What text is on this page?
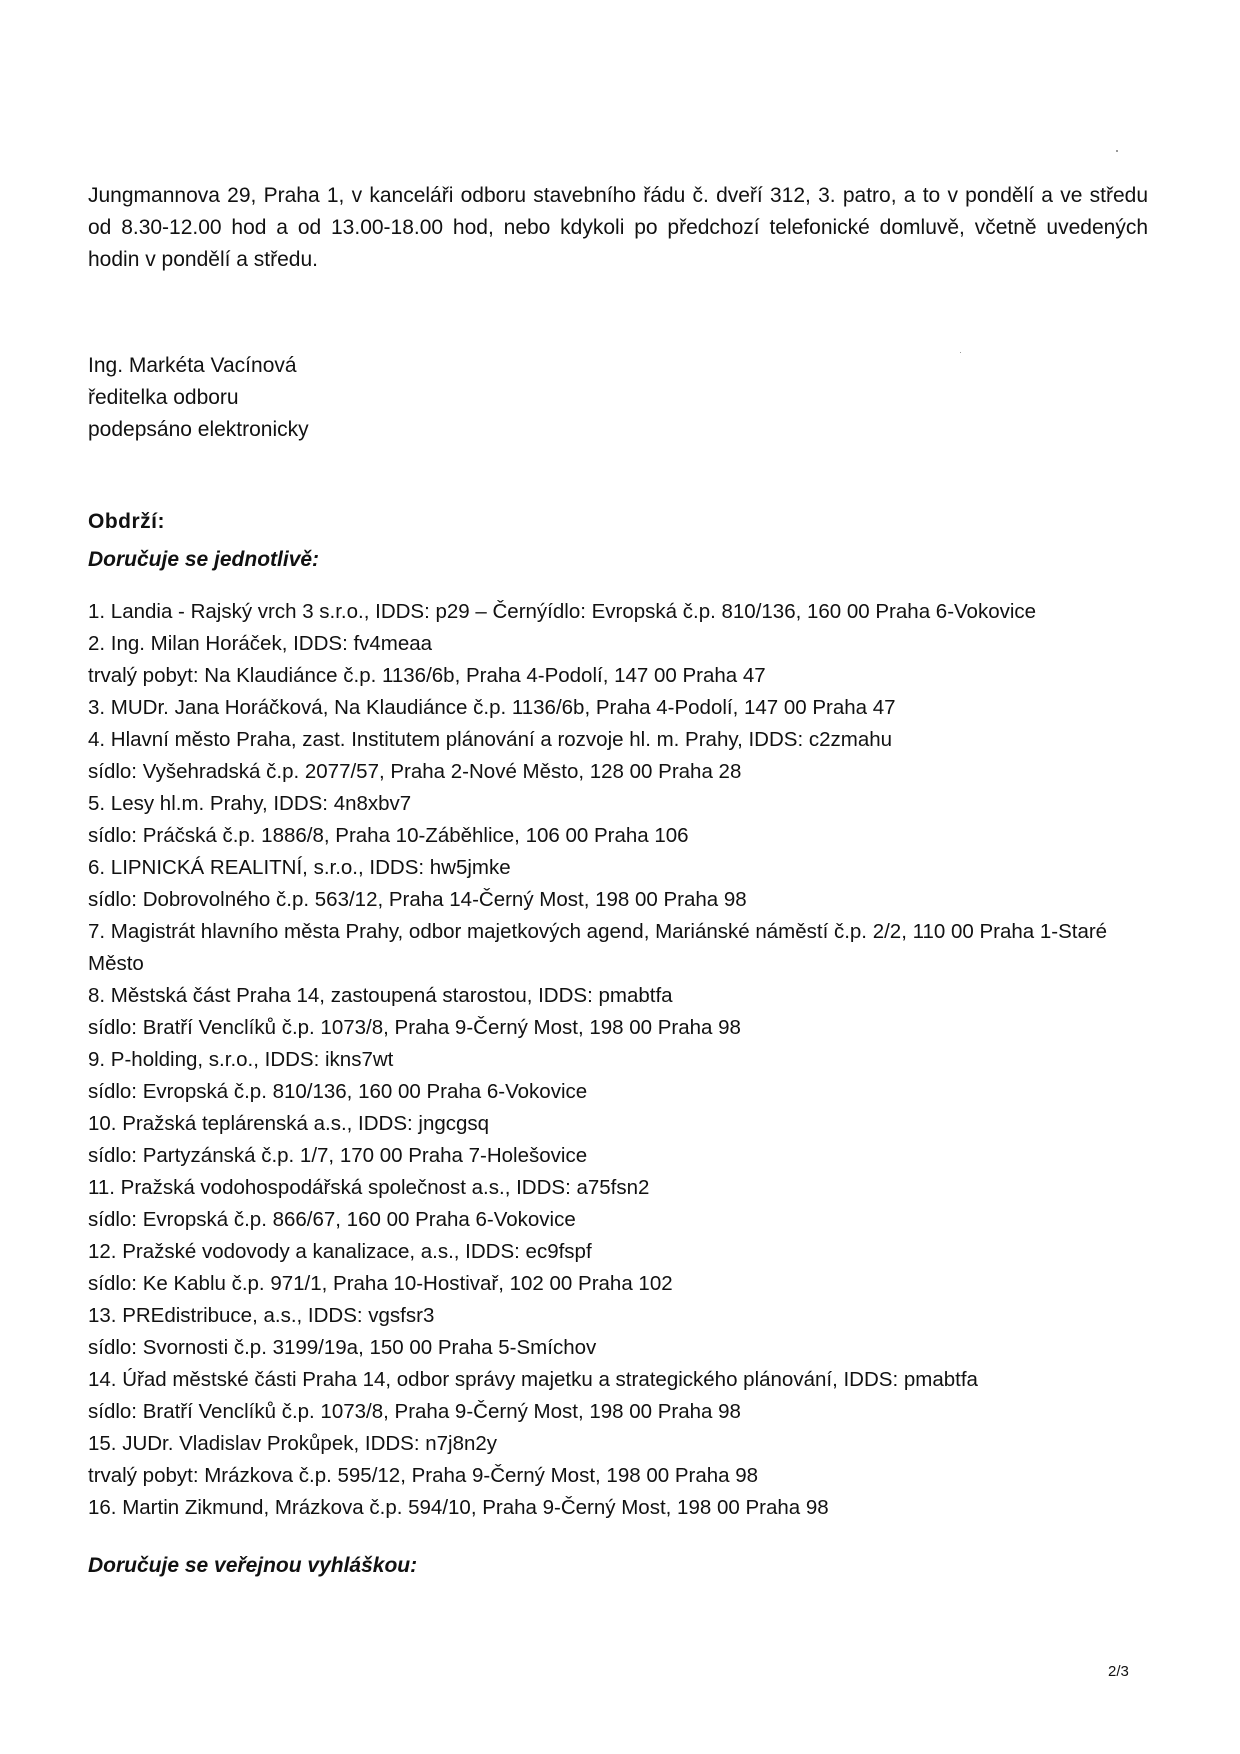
Jungmannova 29, Praha 1, v kanceláři odboru stavebního řádu č. dveří 312, 3. patro, a to v pondělí a ve středu od 8.30-12.00 hod a od 13.00-18.00 hod, nebo kdykoli po předchozí telefonické domluvě, včetně uvedených hodin v pondělí a středu.
Ing. Markéta Vacínová
ředitelka odboru
podepsáno elektronicky
Obdrží:
Doručuje se jednotlivě:
1. Landia - Rajský vrch 3 s.r.o., IDDS: p29 – Černýídlo: Evropská č.p. 810/136, 160 00 Praha 6-Vokovice
2. Ing. Milan Horáček, IDDS: fv4meaa
trvalý pobyt: Na Klaudiánce č.p. 1136/6b, Praha 4-Podolí, 147 00 Praha 47
3. MUDr. Jana Horáčková, Na Klaudiánce č.p. 1136/6b, Praha 4-Podolí, 147 00 Praha 47
4. Hlavní město Praha, zast. Institutem plánování a rozvoje hl. m. Prahy, IDDS: c2zmahu
sídlo: Vyšehradská č.p. 2077/57, Praha 2-Nové Město, 128 00 Praha 28
5. Lesy hl.m. Prahy, IDDS: 4n8xbv7
sídlo: Práčská č.p. 1886/8, Praha 10-Záběhlice, 106 00 Praha 106
6. LIPNICKÁ REALITNÍ, s.r.o., IDDS: hw5jmke
sídlo: Dobrovolného č.p. 563/12, Praha 14-Černý Most, 198 00 Praha 98
7. Magistrát hlavního města Prahy, odbor majetkových agend, Mariánské náměstí č.p. 2/2, 110 00 Praha 1-Staré Město
8. Městská část Praha 14, zastoupená starostou, IDDS: pmabtfa
sídlo: Bratří Venclíků č.p. 1073/8, Praha 9-Černý Most, 198 00 Praha 98
9. P-holding, s.r.o., IDDS: ikns7wt
sídlo: Evropská č.p. 810/136, 160 00 Praha 6-Vokovice
10. Pražská teplárenská a.s., IDDS: jngcgsq
sídlo: Partyzánská č.p. 1/7, 170 00 Praha 7-Holešovice
11. Pražská vodohospodářská společnost a.s., IDDS: a75fsn2
sídlo: Evropská č.p. 866/67, 160 00 Praha 6-Vokovice
12. Pražské vodovody a kanalizace, a.s., IDDS: ec9fspf
sídlo: Ke Kablu č.p. 971/1, Praha 10-Hostivař, 102 00 Praha 102
13. PREdistribuce, a.s., IDDS: vgsfsr3
sídlo: Svornosti č.p. 3199/19a, 150 00 Praha 5-Smíchov
14. Úřad městské části Praha 14, odbor správy majetku a strategického plánování, IDDS: pmabtfa
sídlo: Bratří Venclíků č.p. 1073/8, Praha 9-Černý Most, 198 00 Praha 98
15. JUDr. Vladislav Prokůpek, IDDS: n7j8n2y
trvalý pobyt: Mrázkova č.p. 595/12, Praha 9-Černý Most, 198 00 Praha 98
16. Martin Zikmund, Mrázkova č.p. 594/10, Praha 9-Černý Most, 198 00 Praha 98
Doručuje se veřejnou vyhláškou:
2/3
